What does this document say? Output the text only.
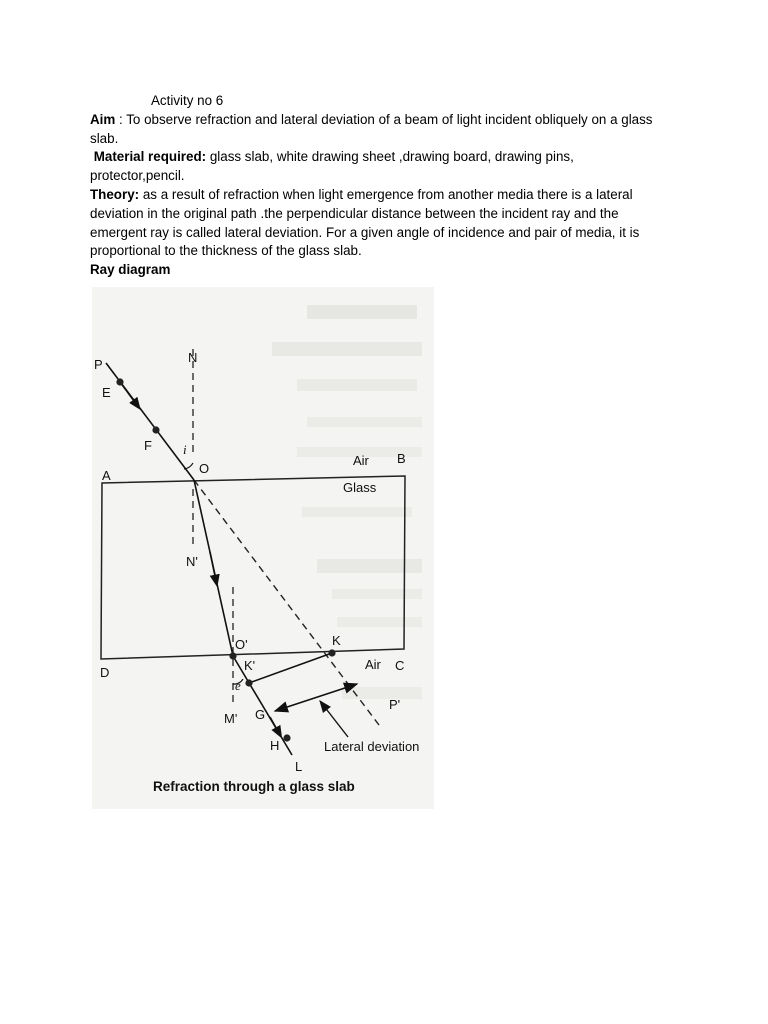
Activity no 6
Aim : To observe refraction and lateral deviation of a beam of light incident obliquely on a glass
slab.
Material required: glass slab, white drawing sheet ,drawing board, drawing pins,
protector,pencil.
Theory: as a result of refraction when light emergence from another media there is a lateral
deviation in the original path .the perpendicular distance between the incident ray and the
emergent ray is called lateral deviation. For a given angle of incidence and pair of media, it is
proportional to the thickness of the glass slab.
Ray diagram
P
E
F
N
i
O
A
Air B
Glass
N'
O'	K
D	K'	Air C
e
P'
M' G
H
L
Lateral deviation
Refraction through a glass slab
